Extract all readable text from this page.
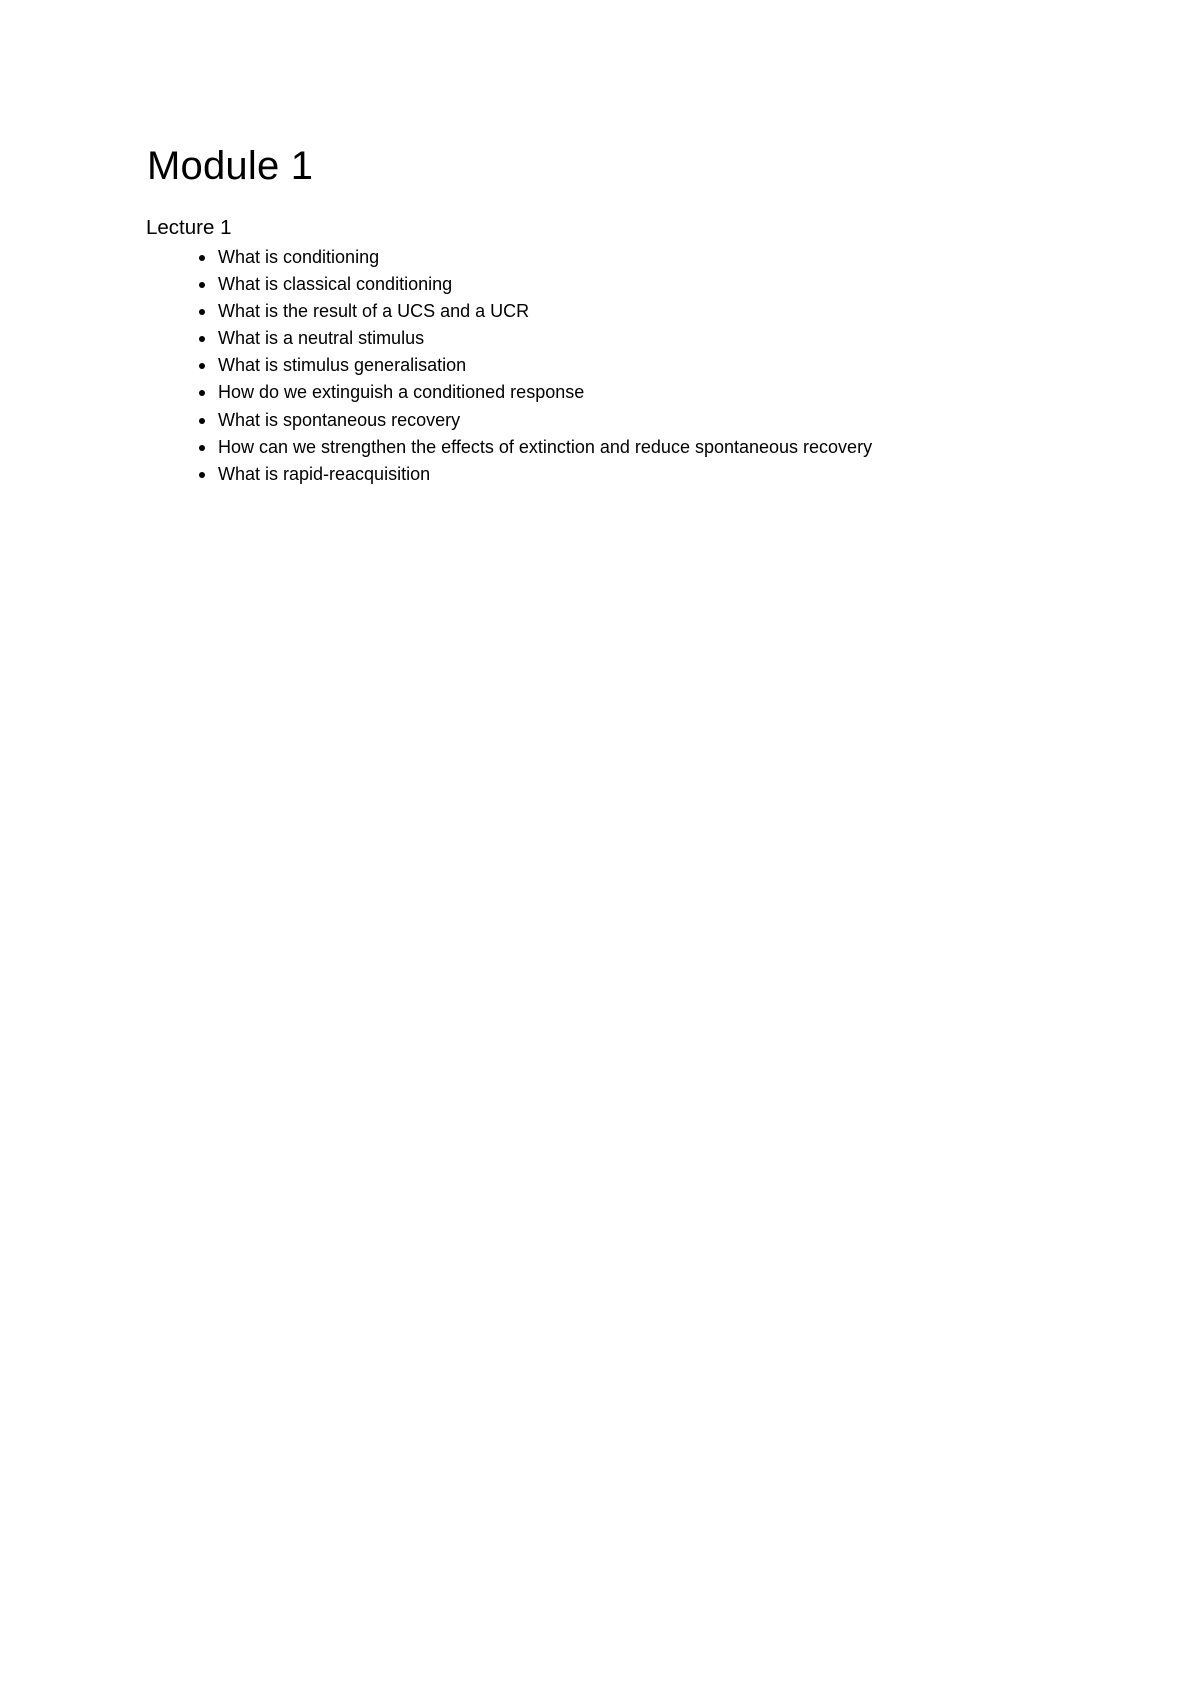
Module 1
Lecture 1
What is conditioning
What is classical conditioning
What is the result of a UCS and a UCR
What is a neutral stimulus
What is stimulus generalisation
How do we extinguish a conditioned response
What is spontaneous recovery
How can we strengthen the effects of extinction and reduce spontaneous recovery
What is rapid-reacquisition
